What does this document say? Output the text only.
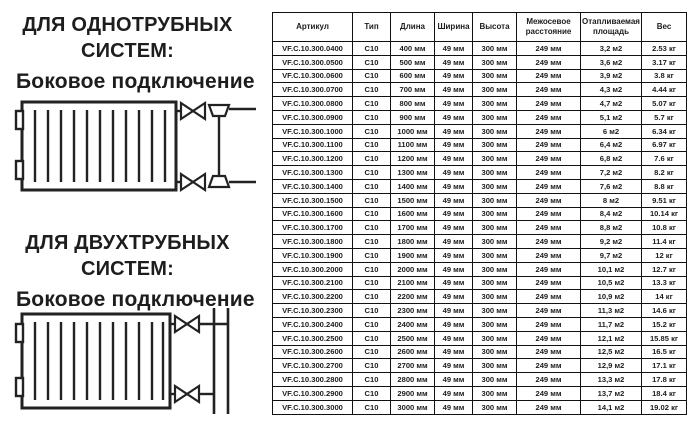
ДЛЯ ОДНОТРУБНЫХ
СИСТЕМ:
Боковое подключение
ДЛЯ ДВУХТРУБНЫХ
СИСТЕМ:
Боковое подключение
Артикул	Тип	Длина	Ширина	Высота	Межосевое расстояние	Отапливаемая площадь	Вес
VF.C.10.300.0400	C10	400 мм	49 мм	300 мм	249 мм	3,2 м2	2.53 кг
VF.C.10.300.0500	C10	500 мм	49 мм	300 мм	249 мм	3,6 м2	3.17 кг
VF.C.10.300.0600	C10	600 мм	49 мм	300 мм	249 мм	3,9 м2	3.8 кг
VF.C.10.300.0700	C10	700 мм	49 мм	300 мм	249 мм	4,3 м2	4.44 кг
VF.C.10.300.0800	C10	800 мм	49 мм	300 мм	249 мм	4,7 м2	5.07 кг
VF.C.10.300.0900	C10	900 мм	49 мм	300 мм	249 мм	5,1 м2	5.7 кг
VF.C.10.300.1000	C10	1000 мм	49 мм	300 мм	249 мм	6 м2	6.34 кг
VF.C.10.300.1100	C10	1100 мм	49 мм	300 мм	249 мм	6,4 м2	6.97 кг
VF.C.10.300.1200	C10	1200 мм	49 мм	300 мм	249 мм	6,8 м2	7.6 кг
VF.C.10.300.1300	C10	1300 мм	49 мм	300 мм	249 мм	7,2 м2	8.2 кг
VF.C.10.300.1400	C10	1400 мм	49 мм	300 мм	249 мм	7,6 м2	8.8 кг
VF.C.10.300.1500	C10	1500 мм	49 мм	300 мм	249 мм	8 м2	9.51 кг
VF.C.10.300.1600	C10	1600 мм	49 мм	300 мм	249 мм	8,4 м2	10.14 кг
VF.C.10.300.1700	C10	1700 мм	49 мм	300 мм	249 мм	8,8 м2	10.8 кг
VF.C.10.300.1800	C10	1800 мм	49 мм	300 мм	249 мм	9,2 м2	11.4 кг
VF.C.10.300.1900	C10	1900 мм	49 мм	300 мм	249 мм	9,7 м2	12 кг
VF.C.10.300.2000	C10	2000 мм	49 мм	300 мм	249 мм	10,1 м2	12.7 кг
VF.C.10.300.2100	C10	2100 мм	49 мм	300 мм	249 мм	10,5 м2	13.3 кг
VF.C.10.300.2200	C10	2200 мм	49 мм	300 мм	249 мм	10,9 м2	14 кг
VF.C.10.300.2300	C10	2300 мм	49 мм	300 мм	249 мм	11,3 м2	14.6 кг
VF.C.10.300.2400	C10	2400 мм	49 мм	300 мм	249 мм	11,7 м2	15.2 кг
VF.C.10.300.2500	C10	2500 мм	49 мм	300 мм	249 мм	12,1 м2	15.85 кг
VF.C.10.300.2600	C10	2600 мм	49 мм	300 мм	249 мм	12,5 м2	16.5 кг
VF.C.10.300.2700	C10	2700 мм	49 мм	300 мм	249 мм	12,9 м2	17.1 кг
VF.C.10.300.2800	C10	2800 мм	49 мм	300 мм	249 мм	13,3 м2	17.8 кг
VF.C.10.300.2900	C10	2900 мм	49 мм	300 мм	249 мм	13,7 м2	18.4 кг
VF.C.10.300.3000	C10	3000 мм	49 мм	300 мм	249 мм	14,1 м2	19.02 кг
